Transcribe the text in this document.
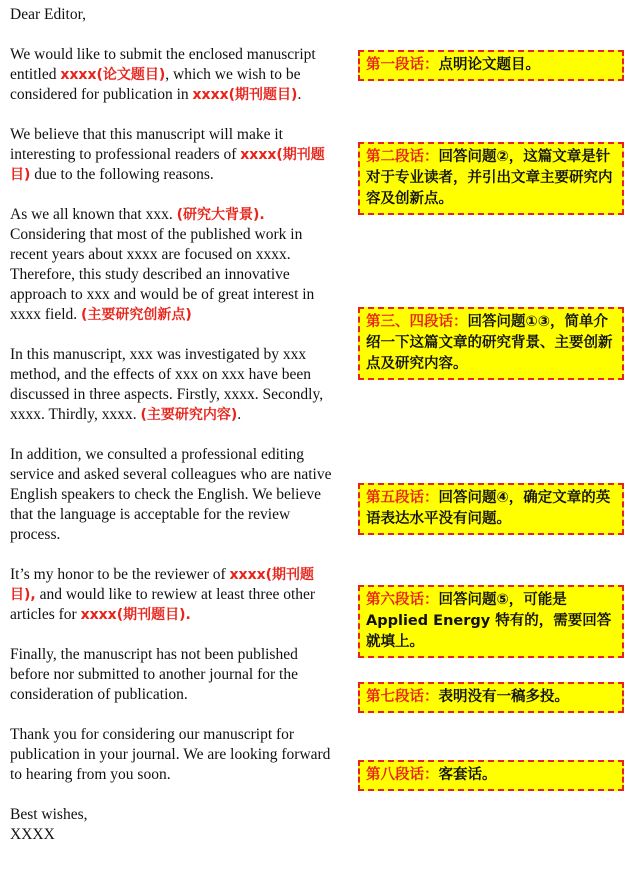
Dear Editor,

We would like to submit the enclosed manuscript entitled xxxx(论文题目), which we wish to be considered for publication in xxxx(期刊题目).

We believe that this manuscript will make it interesting to professional readers of xxxx(期刊题目) due to the following reasons.

As we all known that xxx. (研究大背景). Considering that most of the published work in recent years about xxxx are focused on xxxx. Therefore, this study described an innovative approach to xxx and would be of great interest in xxxx field. (主要研究创新点)

In this manuscript, xxx was investigated by xxx method, and the effects of xxx on xxx have been discussed in three aspects. Firstly, xxxx. Secondly, xxxx. Thirdly, xxxx. (主要研究内容).

In addition, we consulted a professional editing service and asked several colleagues who are native English speakers to check the English. We believe that the language is acceptable for the review process.

It’s my honor to be the reviewer of xxxx(期刊题目), and would like to rewiew at least three other articles for xxxx(期刊题目).

Finally, the manuscript has not been published before nor submitted to another journal for the consideration of publication.

Thank you for considering our manuscript for publication in your journal. We are looking forward to hearing from you soon.

Best wishes,
XXXX

第一段话：点明论文题目。
第二段话：回答问题②，这篇文章是针对于专业读者，并引出文章主要研究内容及创新点。
第三、四段话：回答问题①③，简单介绍一下这篇文章的研究背景、主要创新点及研究内容。
第五段话：回答问题④，确定文章的英语表达水平没有问题。
第六段话：回答问题⑤，可能是Applied Energy 特有的，需要回答就填上。
第七段话：表明没有一稿多投。
第八段话：客套话。
